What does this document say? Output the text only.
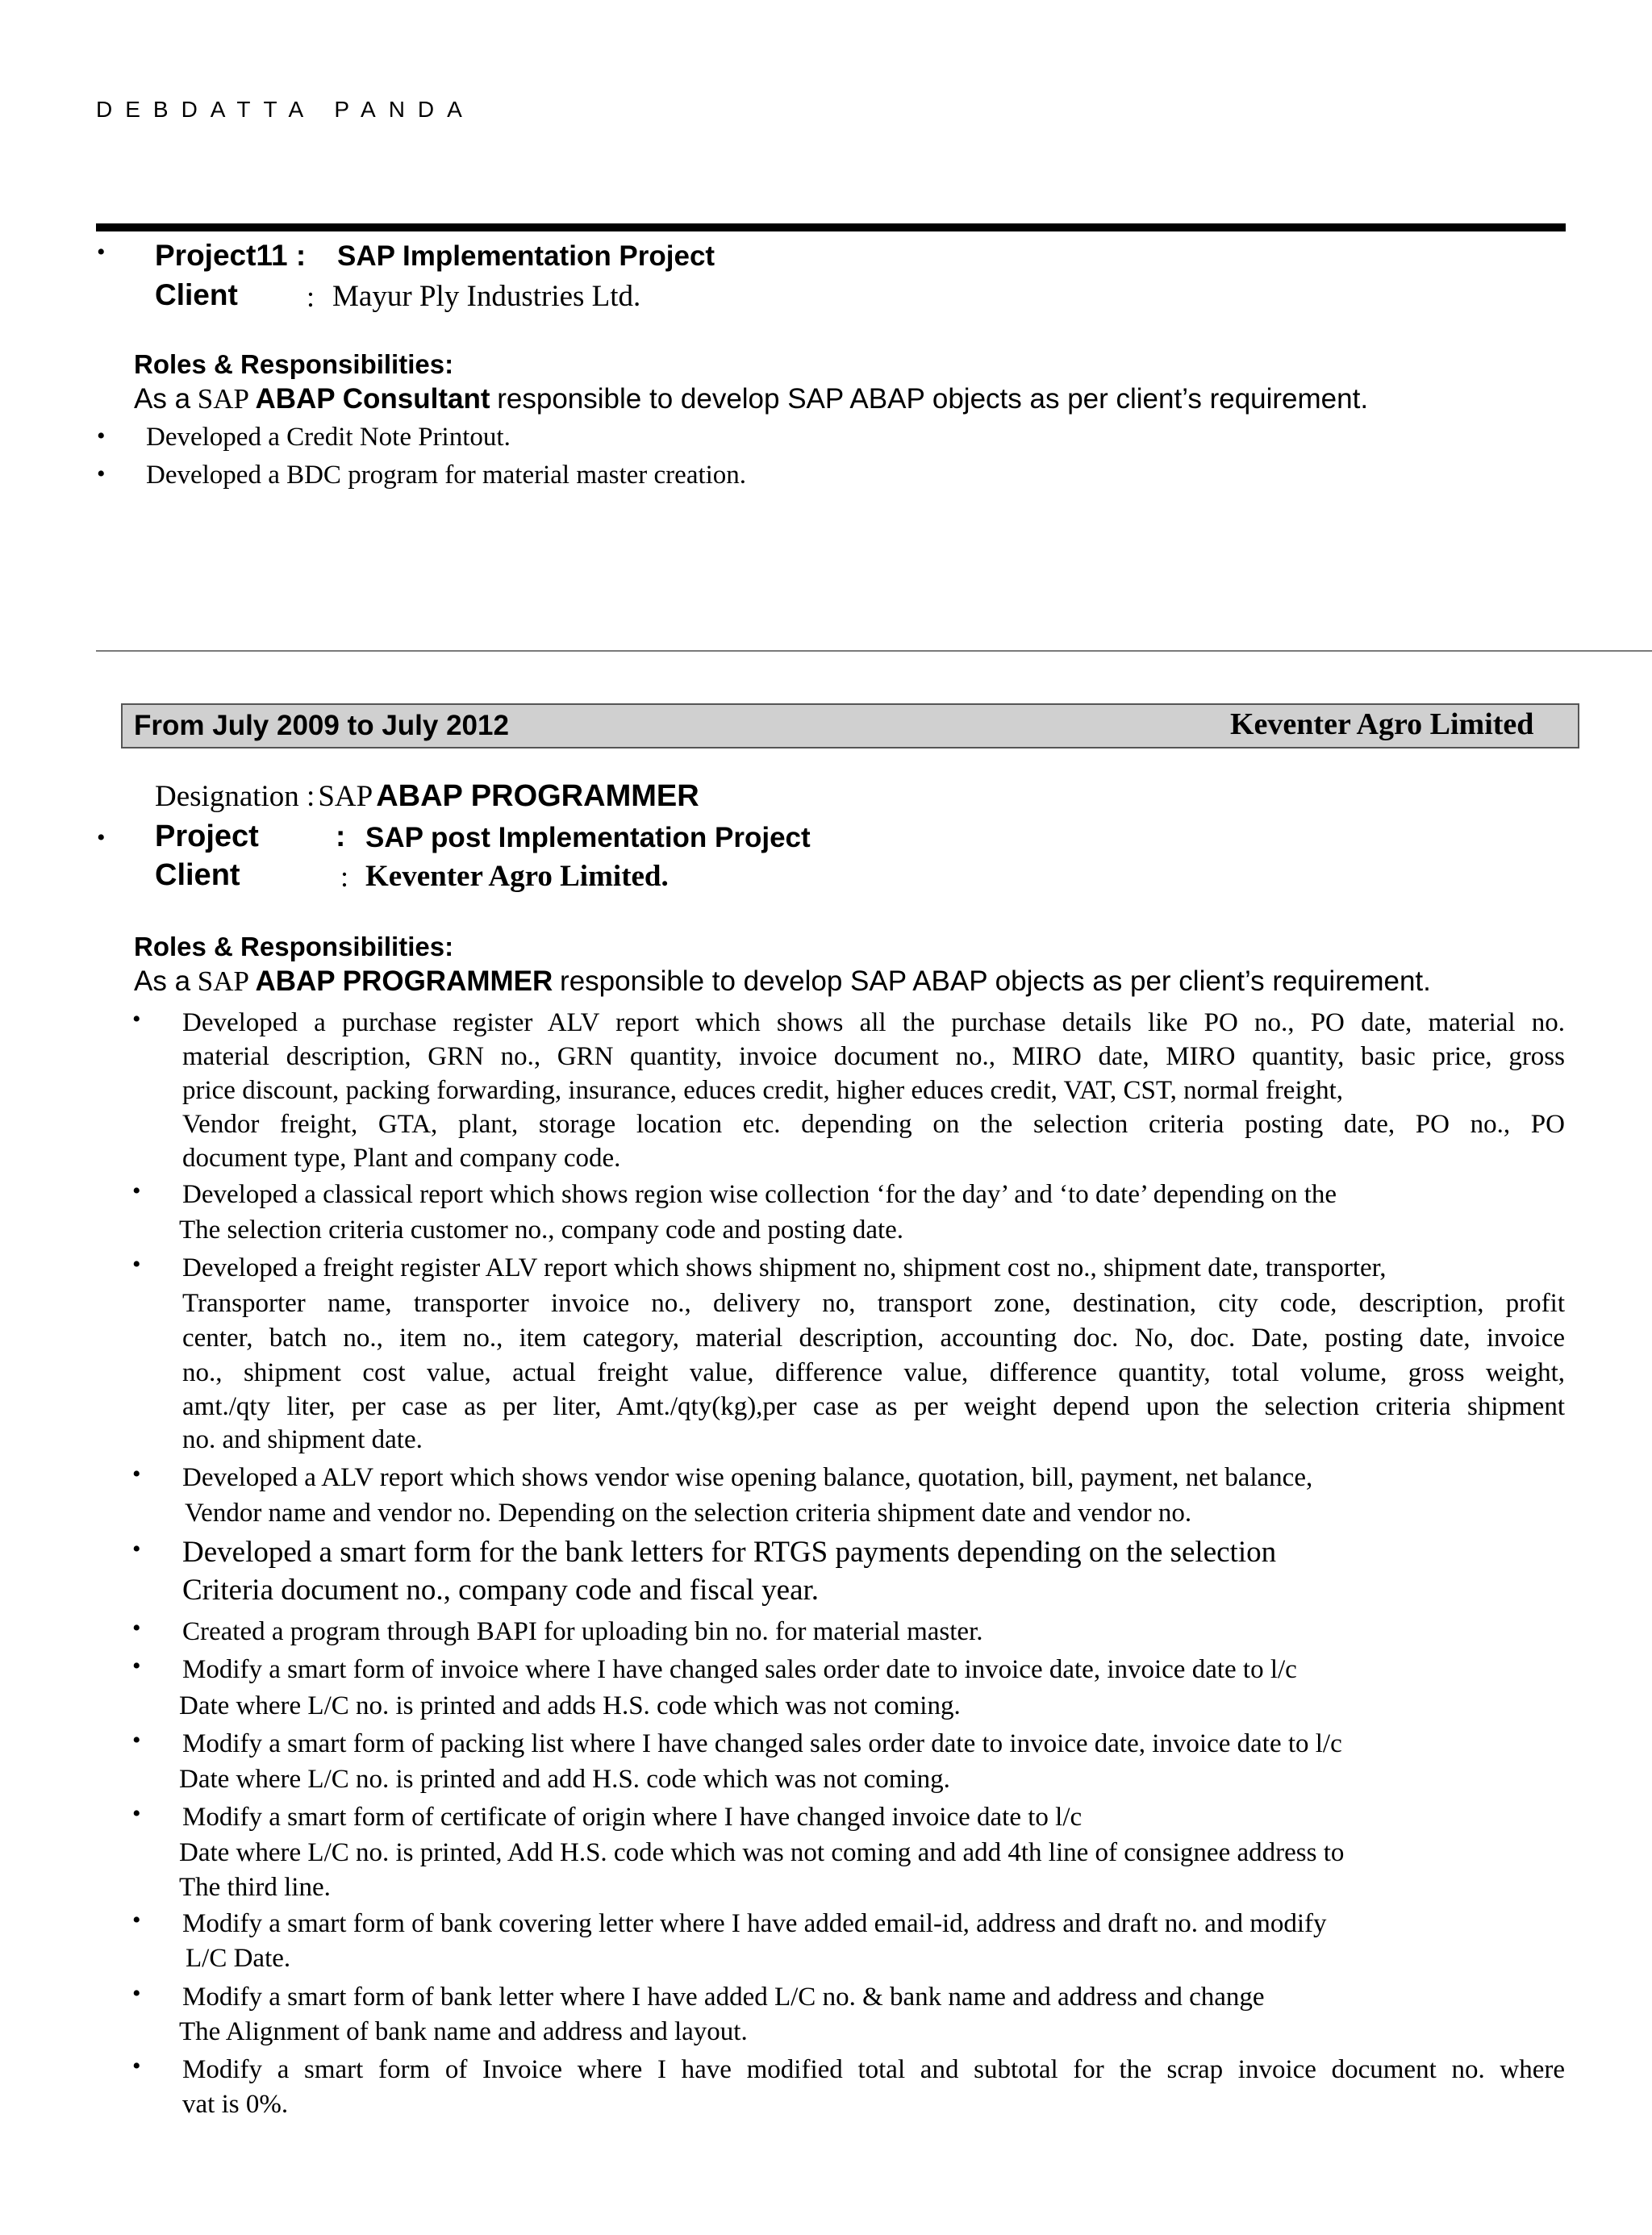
DEBDATTA PANDA
• Project11 : SAP Implementation Project
Client : Mayur Ply Industries Ltd.
Roles & Responsibilities:
As a SAP ABAP Consultant responsible to develop SAP ABAP objects as per client’s requirement.
• Developed a Credit Note Printout.
• Developed a BDC program for material master creation.
From July 2009 to July 2012	Keventer Agro Limited
Designation : SAP ABAP PROGRAMMER
• Project	: SAP post Implementation Project
Client	: Keventer Agro Limited.
Roles & Responsibilities:
As a SAP ABAP PROGRAMMER responsible to develop SAP ABAP objects as per client’s requirement.
• Developed a purchase register ALV report which shows all the purchase details like PO no., PO date, material no.
material description, GRN no., GRN quantity, invoice document no., MIRO date, MIRO quantity, basic price, gross
price discount, packing forwarding, insurance, educes credit, higher educes credit, VAT, CST, normal freight,
Vendor freight, GTA, plant, storage location etc. depending on the selection criteria posting date, PO no., PO
document type, Plant and company code.
• Developed a classical report which shows region wise collection ‘for the day’ and ‘to date’ depending on the
The selection criteria customer no., company code and posting date.
• Developed a freight register ALV report which shows shipment no, shipment cost no., shipment date, transporter,
Transporter name, transporter invoice no., delivery no, transport zone, destination, city code, description, profit
center, batch no., item no., item category, material description, accounting doc. No, doc. Date, posting date, invoice
no., shipment cost value, actual freight value, difference value, difference quantity, total volume, gross weight,
amt./qty liter, per case as per liter, Amt./qty(kg),per case as per weight depend upon the selection criteria shipment
no. and shipment date.
• Developed a ALV report which shows vendor wise opening balance, quotation, bill, payment, net balance,
Vendor name and vendor no. Depending on the selection criteria shipment date and vendor no.
• Developed a smart form for the bank letters for RTGS payments depending on the selection
Criteria document no., company code and fiscal year.
• Created a program through BAPI for uploading bin no. for material master.
• Modify a smart form of invoice where I have changed sales order date to invoice date, invoice date to l/c
Date where L/C no. is printed and adds H.S. code which was not coming.
• Modify a smart form of packing list where I have changed sales order date to invoice date, invoice date to l/c
Date where L/C no. is printed and add H.S. code which was not coming.
• Modify a smart form of certificate of origin where I have changed invoice date to l/c
Date where L/C no. is printed, Add H.S. code which was not coming and add 4th line of consignee address to
The third line.
• Modify a smart form of bank covering letter where I have added email-id, address and draft no. and modify
L/C Date.
• Modify a smart form of bank letter where I have added L/C no. & bank name and address and change
The Alignment of bank name and address and layout.
• Modify a smart form of Invoice where I have modified total and subtotal for the scrap invoice document no. where
vat is 0%.
